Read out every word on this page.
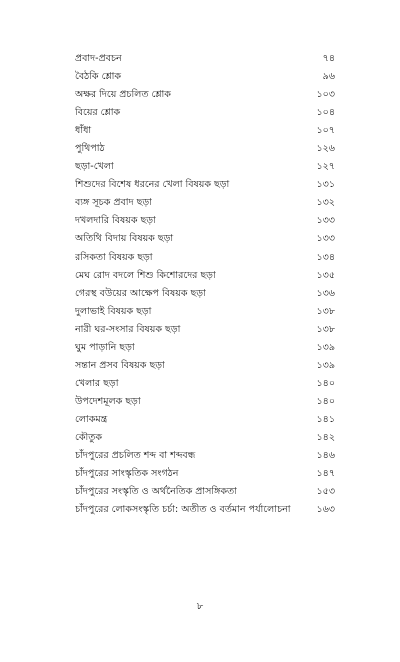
প্রবাদ-প্রবচন	৭৪
বৈঠকি শ্লোক	৯৬
অক্ষর দিয়ে প্রচলিত শ্লোক	১০৩
বিয়ের শ্লোক	১০৪
ধাঁধা	১০৭
পুথিপাঠ	১২৬
ছড়া-খেলা	১২৭
শিশুদের বিশেষ ধরনের খেলা বিষয়ক ছড়া	১৩১
ব্যঙ্গ সূচক প্রবাদ ছড়া	১৩২
দখলদারি বিষয়ক ছড়া	১৩৩
অতিথি বিদায় বিষয়ক ছড়া	১৩৩
রসিকতা বিষয়ক ছড়া	১৩৪
মেঘ রোদ বদলে শিশু কিশোরদের ছড়া	১৩৫
গেরস্থ বউয়ের আক্ষেপ বিষয়ক ছড়া	১৩৬
দুলাভাই বিষয়ক ছড়া	১৩৮
নারী ঘর-সংসার বিষয়ক ছড়া	১৩৮
ঘুম পাড়ানি ছড়া	১৩৯
সন্তান প্রসব বিষয়ক ছড়া	১৩৯
খেলার ছড়া	১৪০
উপদেশমূলক ছড়া	১৪০
লোকমন্ত্র	১৪১
কৌতুক	১৪২
চাঁদপুরের প্রচলিত শব্দ বা শব্দবন্ধ	১৪৬
চাঁদপুরের সাংস্কৃতিক সংগঠন	১৪৭
চাঁদপুরের সংস্কৃতি ও অর্থনৈতিক প্রাসঙ্গিকতা	১৫৩
চাঁদপুরের লোকসংস্কৃতি চর্চা: অতীত ও বর্তমান পর্যালোচনা	১৬৩
৮
